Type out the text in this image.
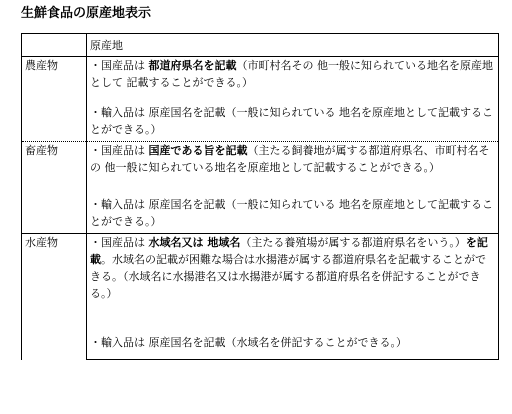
生鮮食品の原産地表示
	原産地
農産物	・国産品は 都道府県名を記載（市町村名その 他一般に知られている地名を原産地として 記載することができる。）

	・輸入品は 原産国名を記載（一般に知られている 地名を原産地として記載することができる。）

畜産物	・国産品は 国産である旨を記載（主たる飼養地が属する都道府県名、市町村名その 他一般に知られている地名を原産地として記載することができる。）

	・輸入品は 原産国名を記載（一般に知られている 地名を原産地として記載することができる。）

水産物	・国産品は 水域名又は 地域名（主たる養殖場が属する都道府県名をいう。）を記載。水域名の記載が困難な場合は水揚港が属する都道府県名を記載することができる。（水域名に水揚港名又は水揚港が属する都道府県名を併記することができる。）

	・輸入品は 原産国名を記載（水域名を併記することができる。）
